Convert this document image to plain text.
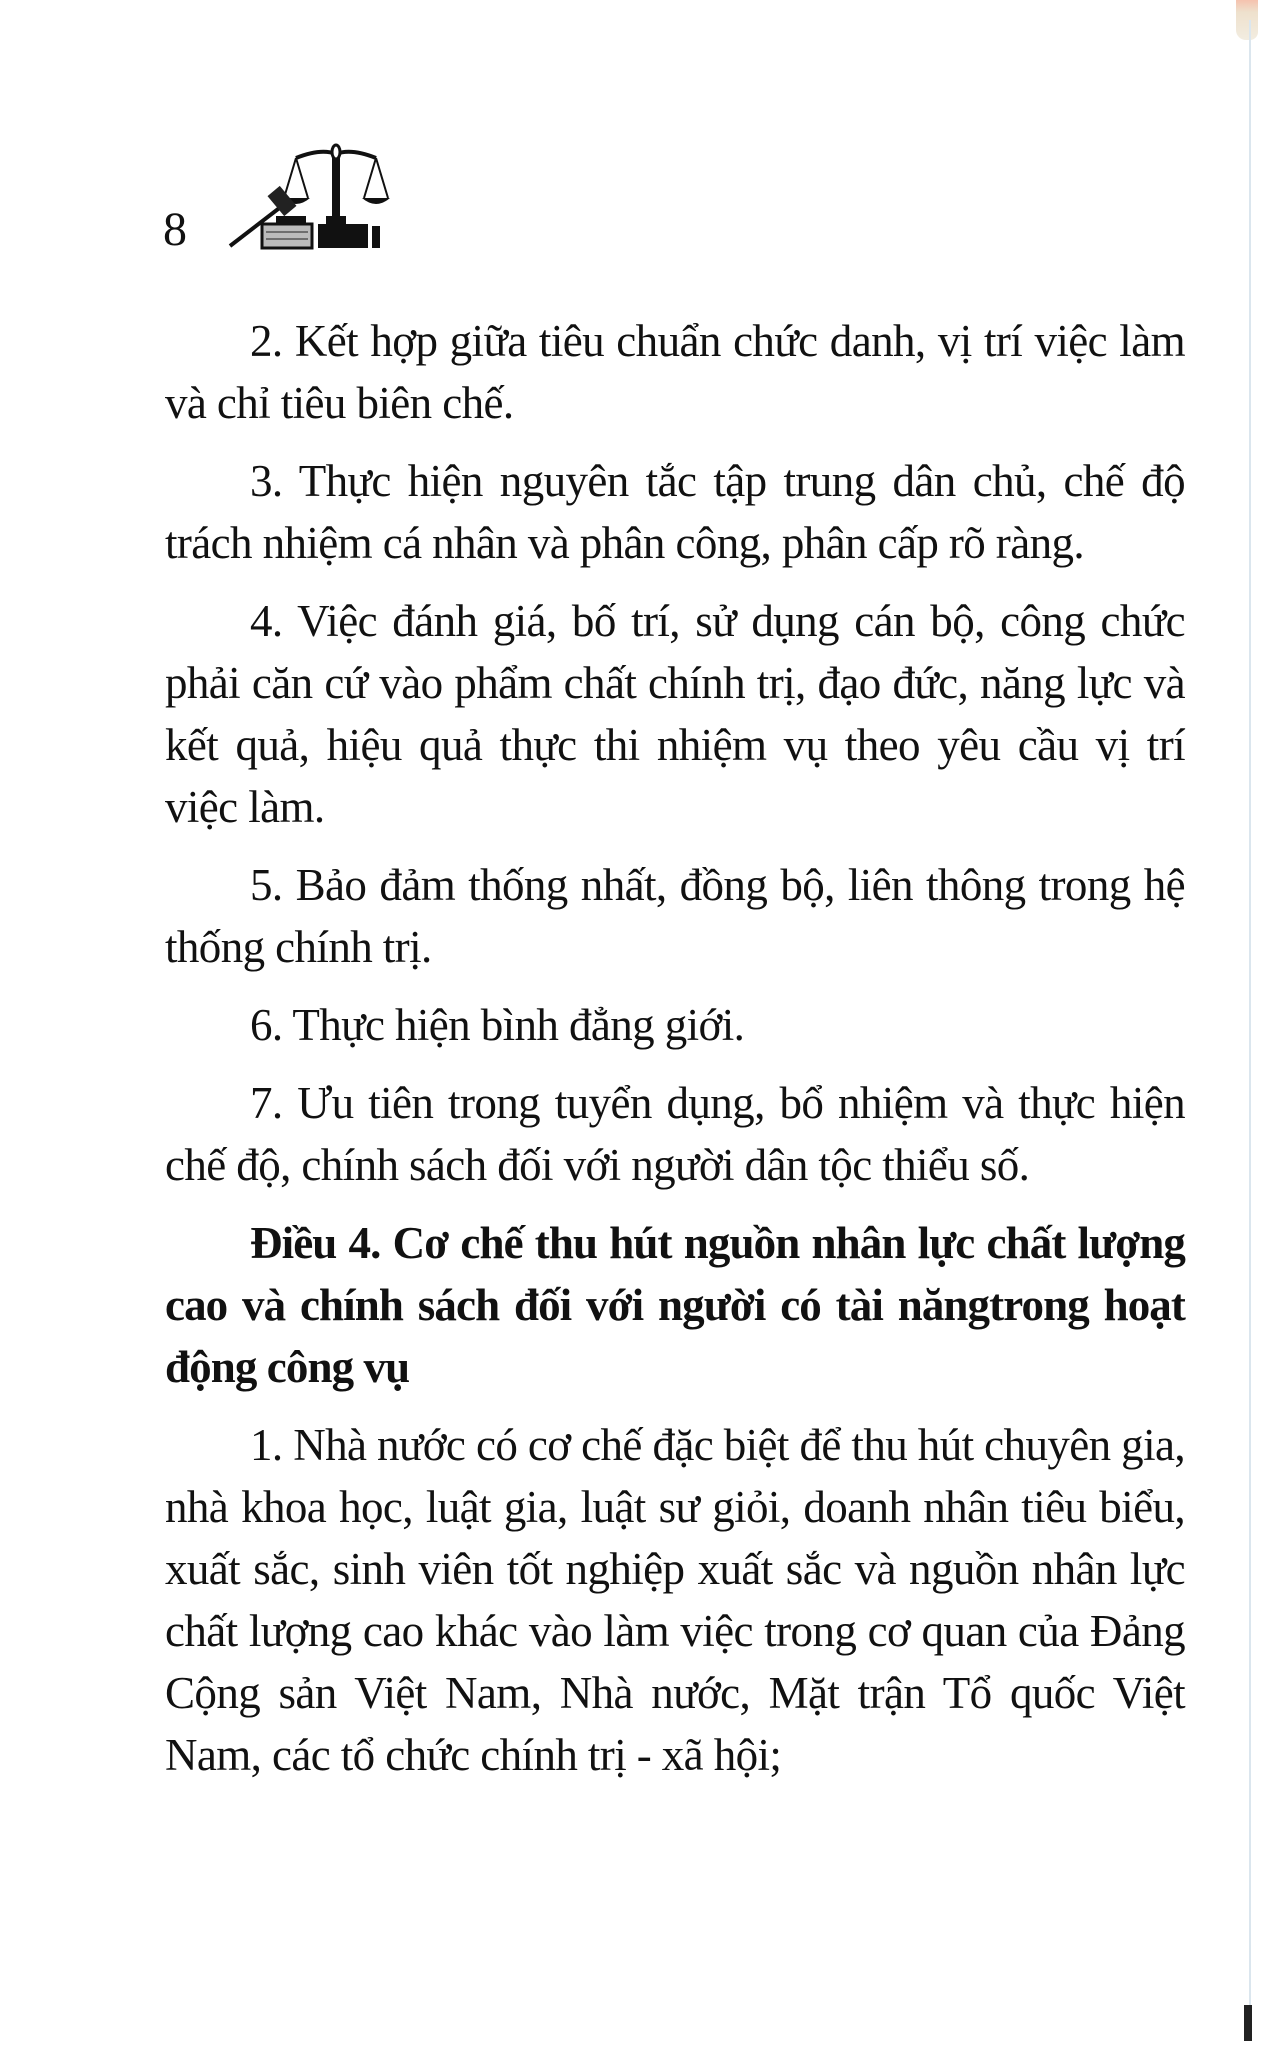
8

2. Kết hợp giữa tiêu chuẩn chức danh, vị trí việc làm và chỉ tiêu biên chế.

3. Thực hiện nguyên tắc tập trung dân chủ, chế độ trách nhiệm cá nhân và phân công, phân cấp rõ ràng.

4. Việc đánh giá, bố trí, sử dụng cán bộ, công chức phải căn cứ vào phẩm chất chính trị, đạo đức, năng lực và kết quả, hiệu quả thực thi nhiệm vụ theo yêu cầu vị trí việc làm.

5. Bảo đảm thống nhất, đồng bộ, liên thông trong hệ thống chính trị.

6. Thực hiện bình đẳng giới.

7. Ưu tiên trong tuyển dụng, bổ nhiệm và thực hiện chế độ, chính sách đối với người dân tộc thiểu số.

Điều 4. Cơ chế thu hút nguồn nhân lực chất lượng cao và chính sách đối với người có tài năngtrong hoạt động công vụ

1. Nhà nước có cơ chế đặc biệt để thu hút chuyên gia, nhà khoa học, luật gia, luật sư giỏi, doanh nhân tiêu biểu, xuất sắc, sinh viên tốt nghiệp xuất sắc và nguồn nhân lực chất lượng cao khác vào làm việc trong cơ quan của Đảng Cộng sản Việt Nam, Nhà nước, Mặt trận Tổ quốc Việt Nam, các tổ chức chính trị - xã hội;
